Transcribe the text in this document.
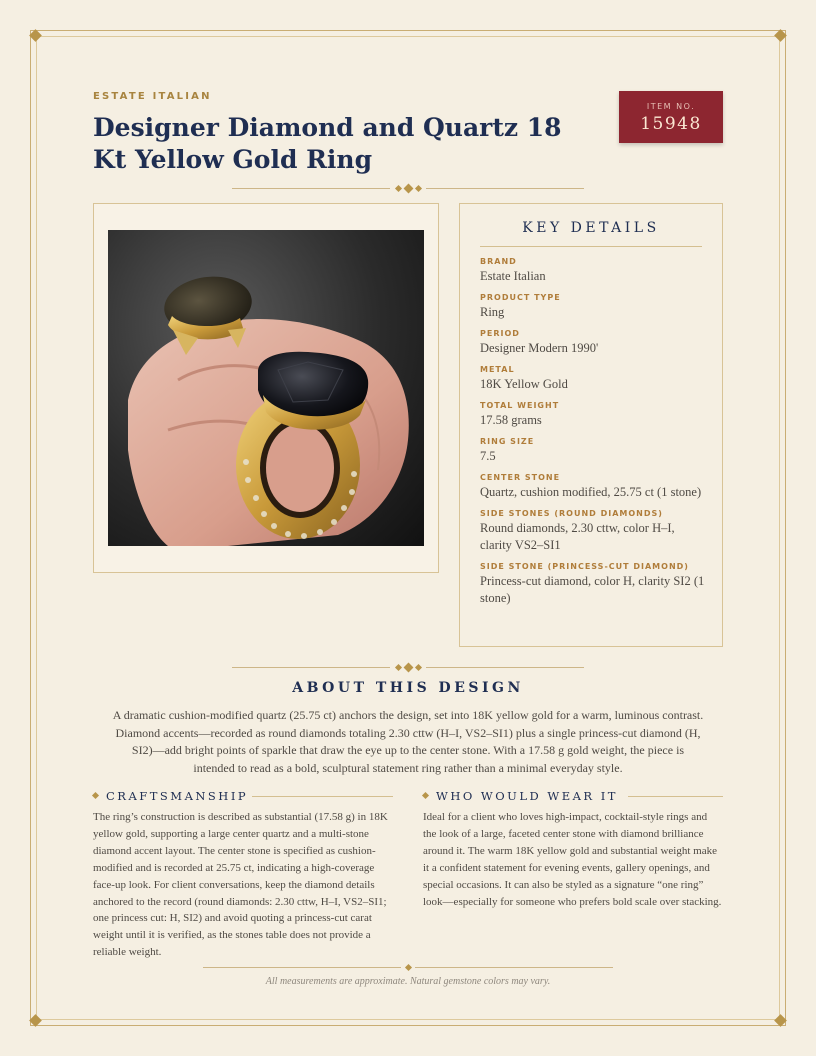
ESTATE ITALIAN
Designer Diamond and Quartz 18 Kt Yellow Gold Ring
ITEM NO.
15948
KEY DETAILS
BRAND
Estate Italian
PRODUCT TYPE
Ring
PERIOD
Designer Modern 1990'
METAL
18K Yellow Gold
TOTAL WEIGHT
17.58 grams
RING SIZE
7.5
CENTER STONE
Quartz, cushion modified, 25.75 ct (1 stone)
SIDE STONES (ROUND DIAMONDS)
Round diamonds, 2.30 cttw, color H–I, clarity VS2–SI1
SIDE STONE (PRINCESS-CUT DIAMOND)
Princess-cut diamond, color H, clarity SI2 (1 stone)
ABOUT THIS DESIGN

A dramatic cushion-modified quartz (25.75 ct) anchors the design, set into 18K yellow gold for a warm, luminous contrast. Diamond accents—recorded as round diamonds totaling 2.30 cttw (H–I, VS2–SI1) plus a single princess-cut diamond (H, SI2)—add bright points of sparkle that draw the eye up to the center stone. With a 17.58 g gold weight, the piece is intended to read as a bold, sculptural statement ring rather than a minimal everyday style.

CRAFTSMANSHIP

The ring’s construction is described as substantial (17.58 g) in 18K yellow gold, supporting a large center quartz and a multi-stone diamond accent layout. The center stone is specified as cushion-modified and is recorded at 25.75 ct, indicating a high-coverage face-up look. For client conversations, keep the diamond details anchored to the record (round diamonds: 2.30 cttw, H–I, VS2–SI1; one princess cut: H, SI2) and avoid quoting a princess-cut carat weight until it is verified, as the stones table does not provide a reliable weight.

WHO WOULD WEAR IT

Ideal for a client who loves high-impact, cocktail-style rings and the look of a large, faceted center stone with diamond brilliance around it. The warm 18K yellow gold and substantial weight make it a confident statement for evening events, gallery openings, and special occasions. It can also be styled as a signature “one ring” look—especially for someone who prefers bold scale over stacking.

All measurements are approximate. Natural gemstone colors may vary.
